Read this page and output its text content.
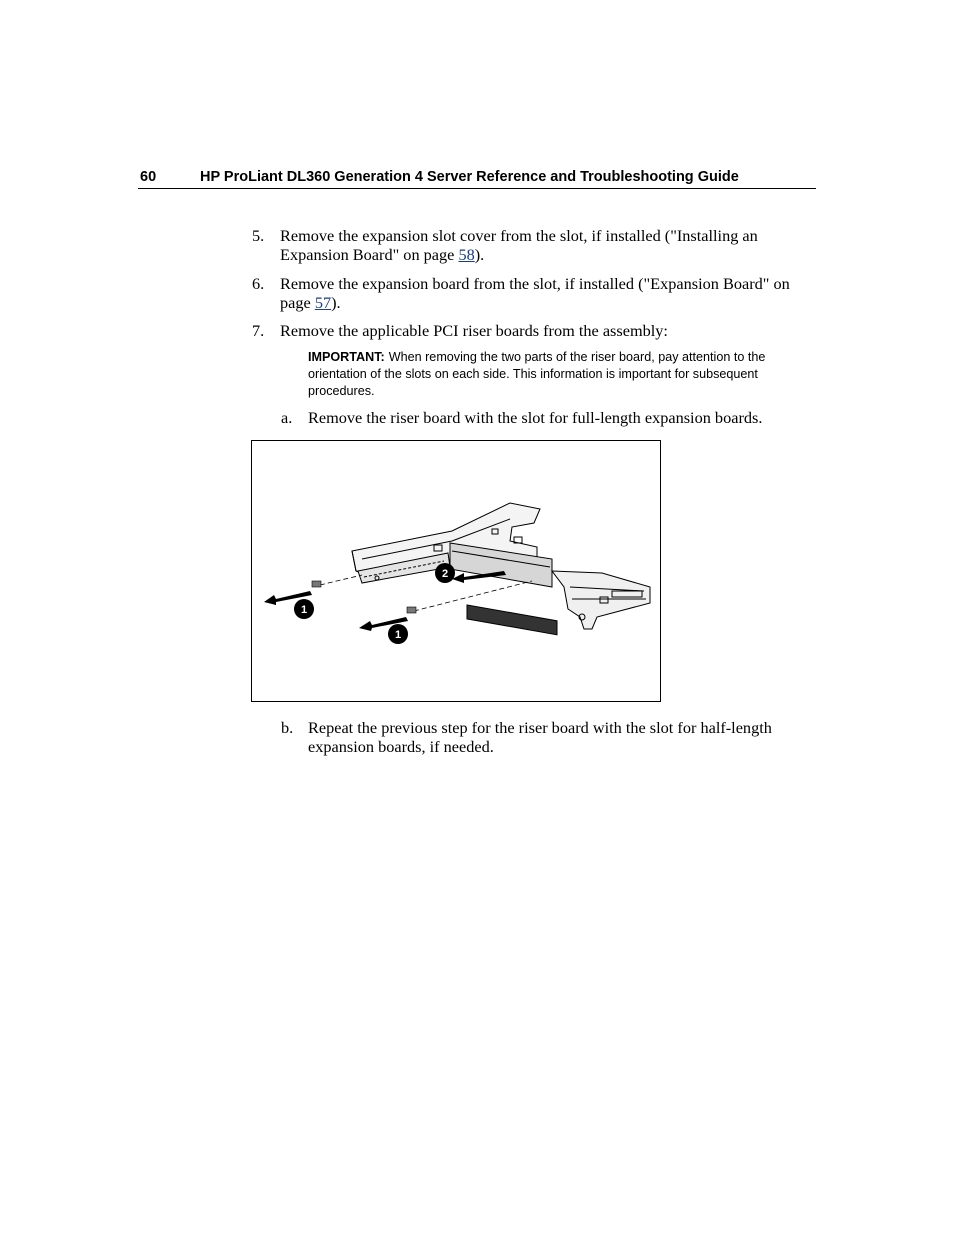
60	HP ProLiant DL360 Generation 4 Server Reference and Troubleshooting Guide
5. Remove the expansion slot cover from the slot, if installed ("Installing an Expansion Board" on page 58).
6. Remove the expansion board from the slot, if installed ("Expansion Board" on page 57).
7. Remove the applicable PCI riser boards from the assembly:
IMPORTANT: When removing the two parts of the riser board, pay attention to the orientation of the slots on each side. This information is important for subsequent procedures.
a. Remove the riser board with the slot for full-length expansion boards.
1
1
2
b. Repeat the previous step for the riser board with the slot for half-length expansion boards, if needed.
